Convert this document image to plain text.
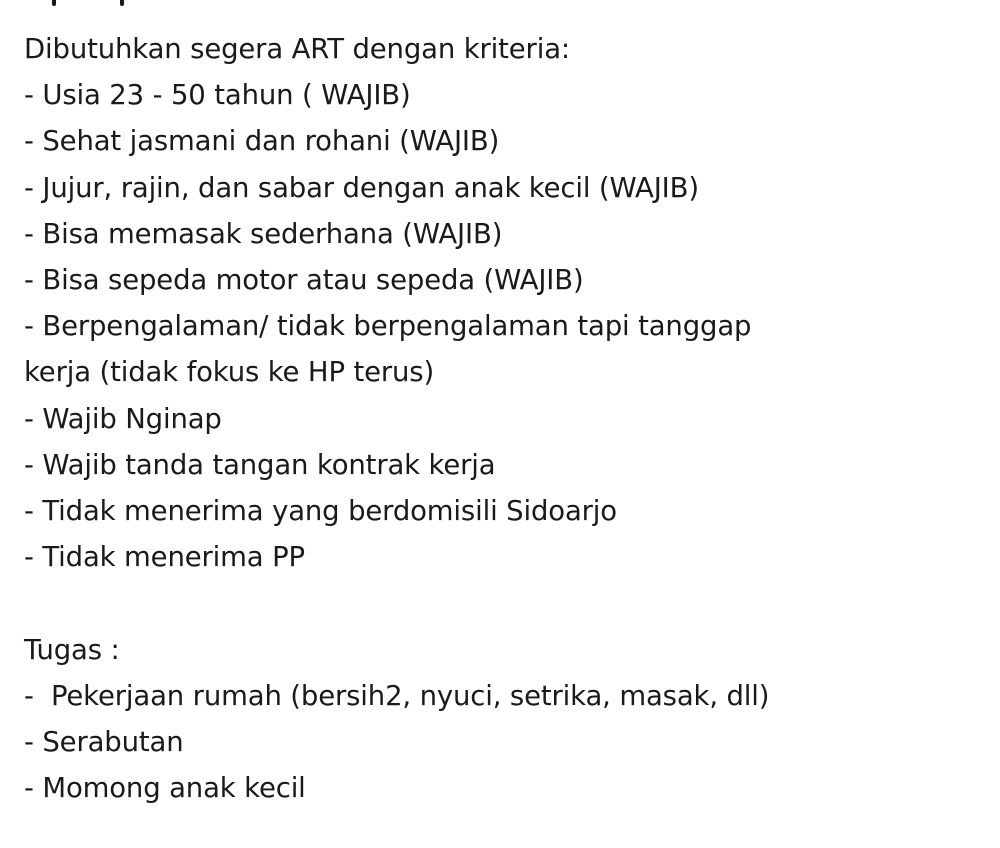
Dibutuhkan segera ART dengan kriteria:
- Usia 23 - 50 tahun ( WAJIB)
- Sehat jasmani dan rohani (WAJIB)
- Jujur, rajin, dan sabar dengan anak kecil (WAJIB)
- Bisa memasak sederhana (WAJIB)
- Bisa sepeda motor atau sepeda (WAJIB)
- Berpengalaman/ tidak berpengalaman tapi tanggap
kerja (tidak fokus ke HP terus)
- Wajib Nginap
- Wajib tanda tangan kontrak kerja
- Tidak menerima yang berdomisili Sidoarjo
- Tidak menerima PP
Tugas :
-  Pekerjaan rumah (bersih2, nyuci, setrika, masak, dll)
- Serabutan
- Momong anak kecil
